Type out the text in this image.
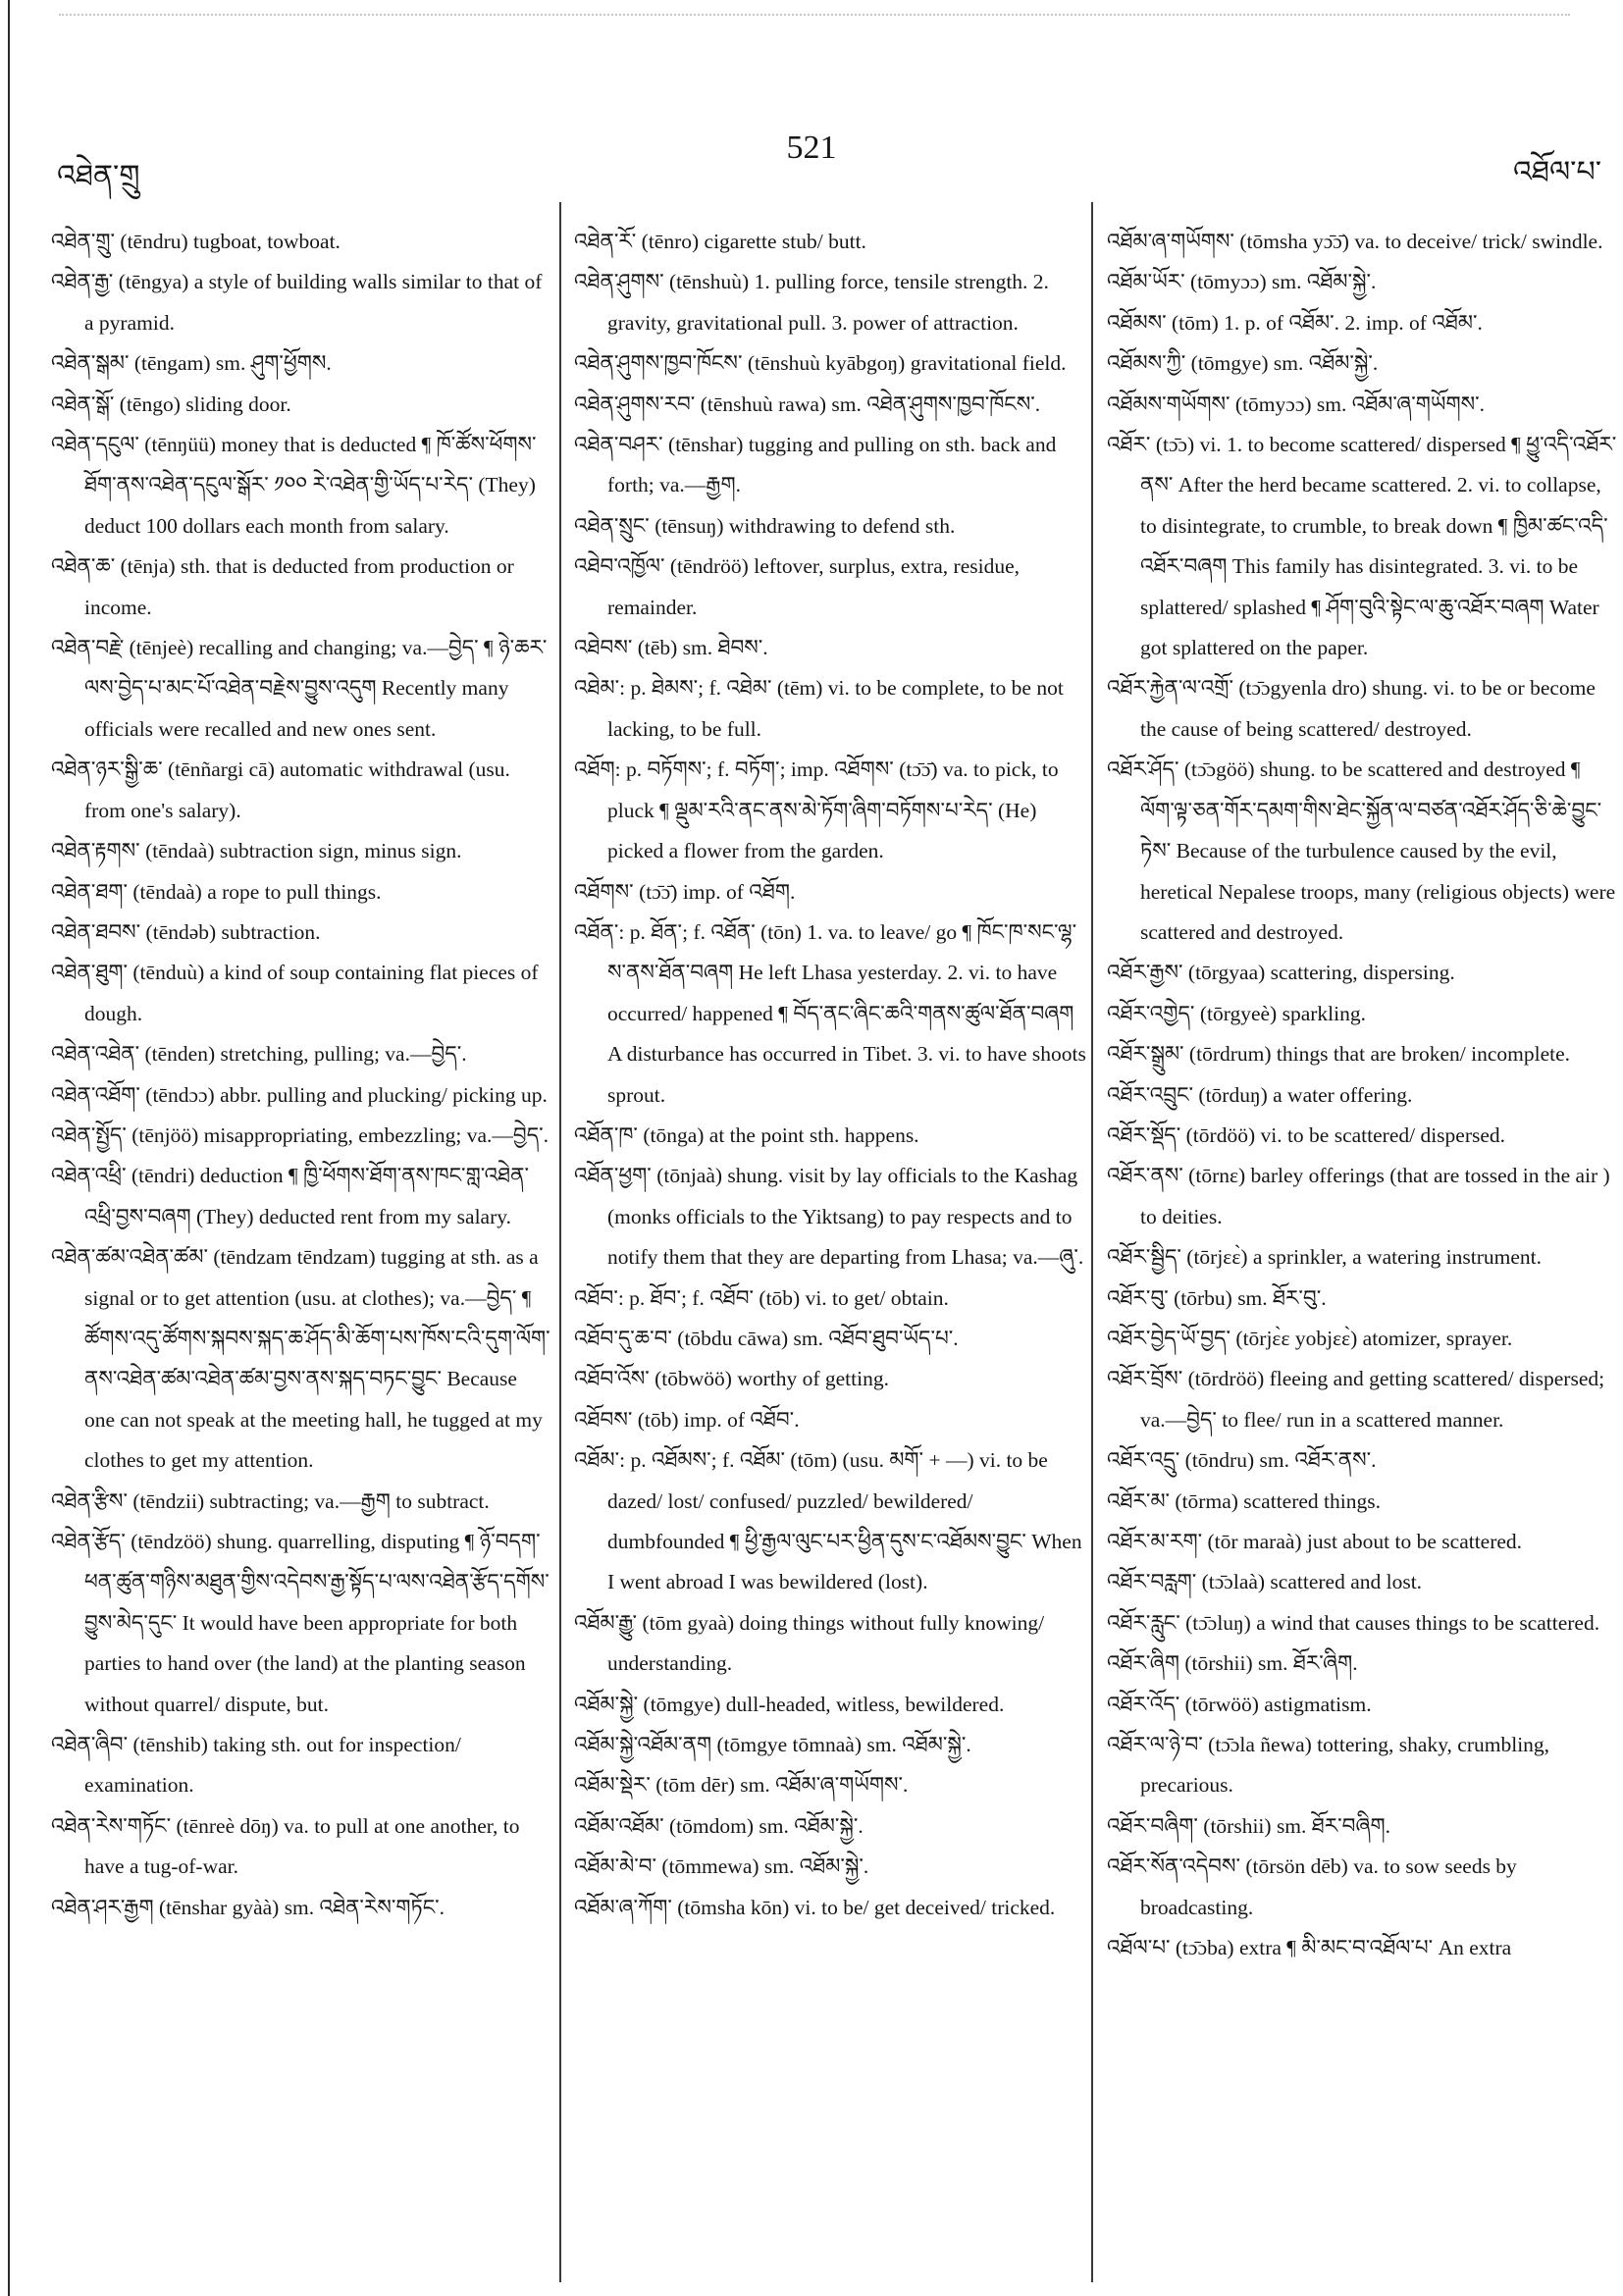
འཐེན་གྲུ
521
འཐོལ་པ་

འཐེན་གྲུ་ (tēndru) tugboat, towboat.

འཐེན་རྒྱ་ (tēngya) a style of building walls similar to that of a pyramid.

འཐེན་སྒམ་ (tēngam) sm. ཤུག་ཕྱོགས.

འཐེན་སྒོ་ (tēngo) sliding door.

འཐེན་དངུལ་ (tēnŋüü) money that is deducted ¶ ཁོ་ཚོས་ཕོགས་ཐོག་ནས་འཐེན་དངུལ་སྒོར་ ༡༠༠ རེ་འཐེན་གྱི་ཡོད་པ་རེད་ (They) deduct 100 dollars each month from salary.

འཐེན་ཆ་ (tēnja) sth. that is deducted from production or income.

འཐེན་བརྗེ་ (tēnjeè) recalling and changing; va.—བྱེད་ ¶ ཉེ་ཆར་ལས་བྱེད་པ་མང་པོ་འཐེན་བརྗེས་བྱུས་འདུག Recently many officials were recalled and new ones sent.

འཐེན་ཉར་སྒྱི་ཆ་ (tēnñargi cā) automatic withdrawal (usu. from one's salary).

འཐེན་རྟགས་ (tēndaà) subtraction sign, minus sign.

འཐེན་ཐག་ (tēndaà) a rope to pull things.

འཐེན་ཐབས་ (tēndəb) subtraction.

འཐེན་ཐུག་ (tēnduù) a kind of soup containing flat pieces of dough.

འཐེན་འཐེན་ (tēnden) stretching, pulling; va.—བྱེད་.

འཐེན་འཐོག་ (tēndɔɔ) abbr. pulling and plucking/ picking up.

འཐེན་སྤྱོད་ (tēnjöö) misappropriating, embezzling; va.—བྱེད་.

འཐེན་འཕྲི་ (tēndri) deduction ¶ ཁྱི་ཕོགས་ཐོག་ནས་ཁང་གླ་འཐེན་འཕྲི་བྱས་བཞག (They) deducted rent from my salary.

འཐེན་ཚམ་འཐེན་ཚམ་ (tēndzam tēndzam) tugging at sth. as a signal or to get attention (usu. at clothes); va.—བྱེད་ ¶ ཚོགས་འདུ་ཚོགས་སྐབས་སྐད་ཆ་ཤོད་མི་ཆོག་པས་ཁོས་ངའི་དུག་ལོག་ནས་འཐེན་ཚམ་འཐེན་ཚམ་བྱས་ནས་སྐད་བཏང་བྱུང་ Because one can not speak at the meeting hall, he tugged at my clothes to get my attention.

འཐེན་རྩིས་ (tēndzii) subtracting; va.—རྒྱག to subtract.

འཐེན་རྩོད་ (tēndzöö) shung. quarrelling, disputing ¶ ཉོ་བདག་ཕན་ཚུན་གཉིས་མཐུན་གྱིས་འདེབས་རྒྱ་སྟོད་པ་ལས་འཐེན་རྩོད་དགོས་བྱུས་མེད་དུང་ It would have been appropriate for both parties to hand over (the land) at the planting season without quarrel/ dispute, but.

འཐེན་ཞིབ་ (tēnshib) taking sth. out for inspection/ examination.

འཐེན་རེས་གཏོང་ (tēnreè dōŋ) va. to pull at one another, to have a tug-of-war.

འཐེན་ཤར་རྒྱག (tēnshar gyàà) sm. འཐེན་རེས་གཏོང་.

འཐེན་རོ་ (tēnro) cigarette stub/ butt.

འཐེན་ཤུགས་ (tēnshuù) 1. pulling force, tensile strength. 2. gravity, gravitational pull. 3. power of attraction.

འཐེན་ཤུགས་ཁྱབ་ཁོངས་ (tēnshuù kyābgoŋ) gravitational field.

འཐེན་ཤུགས་རབ་ (tēnshuù rawa) sm. འཐེན་ཤུགས་ཁྱབ་ཁོངས་.

འཐེན་བཤར་ (tēnshar) tugging and pulling on sth. back and forth; va.—རྒྱག.

འཐེན་སྲུང་ (tēnsuŋ) withdrawing to defend sth.

འཐེབ་འཁྱོལ་ (tēndröö) leftover, surplus, extra, residue, remainder.

འཐེབས་ (tēb) sm. ཐེབས་.

འཐེམ་: p. ཐེམས་; f. འཐེམ་ (tēm) vi. to be complete, to be not lacking, to be full.

འཐོག: p. བཏོགས་; f. བཏོག་; imp. འཐོགས་ (tɔ̄ɔ̄) va. to pick, to pluck ¶ ལྡུམ་རའི་ནང་ནས་མེ་ཏོག་ཞིག་བཏོགས་པ་རེད་ (He) picked a flower from the garden.

འཐོགས་ (tɔ̄ɔ̄) imp. of འཐོག.

འཐོན་: p. ཐོན་; f. འཐོན་ (tōn) 1. va. to leave/ go ¶ ཁོང་ཁ་སང་ལྷ་ས་ནས་ཐོན་བཞག He left Lhasa yesterday. 2. vi. to have occurred/ happened ¶ བོད་ནང་ཞིང་ཆའི་གནས་ཚུལ་ཐོན་བཞག A disturbance has occurred in Tibet. 3. vi. to have shoots sprout.

འཐོན་ཁ་ (tōnga) at the point sth. happens.

འཐོན་ཕྱག་ (tōnjaà) shung. visit by lay officials to the Kashag (monks officials to the Yiktsang) to pay respects and to notify them that they are departing from Lhasa; va.—ཞུ་.

འཐོབ་: p. ཐོབ་; f. འཐོབ་ (tōb) vi. to get/ obtain.

འཐོབ་དུ་ཆ་བ་ (tōbdu cāwa) sm. འཐོབ་ཐུབ་ཡོད་པ་.

འཐོབ་འོས་ (tōbwöö) worthy of getting.

འཐོབས་ (tōb) imp. of འཐོབ་.

འཐོམ་: p. འཐོམས་; f. འཐོམ་ (tōm) (usu. མགོ་ + —) vi. to be dazed/ lost/ confused/ puzzled/ bewildered/ dumbfounded ¶ ཕྱི་རྒྱལ་ལུང་པར་ཕྱིན་དུས་ང་འཐོམས་བྱུང་ When I went abroad I was bewildered (lost).

འཐོམ་རྒྱུ་ (tōm gyaà) doing things without fully knowing/ understanding.

འཐོམ་སྐྱེ་ (tōmgye) dull-headed, witless, bewildered.

འཐོམ་སྐྱེ་འཐོམ་ནག (tōmgye tōmnaà) sm. འཐོམ་སྐྱེ་.

འཐོམ་སྡེར་ (tōm dēr) sm. འཐོམ་ཞ་གཡོགས་.

འཐོམ་འཐོམ་ (tōmdom) sm. འཐོམ་སྐྱེ་.

འཐོམ་མེ་བ་ (tōmmewa) sm. འཐོམ་སྐྱེ་.

འཐོམ་ཞ་ཀོག་ (tōmsha kōn) vi. to be/ get deceived/ tricked.

འཐོམ་ཞ་གཡོགས་ (tōmsha yɔ̄ɔ̄) va. to deceive/ trick/ swindle.

འཐོམ་ཡོར་ (tōmyɔɔ) sm. འཐོམ་སྐྱེ་.

འཐོམས་ (tōm) 1. p. of འཐོམ་. 2. imp. of འཐོམ་.

འཐོམས་ཀྱི་ (tōmgye) sm. འཐོམ་སྐྱེ་.

འཐོམས་གཡོགས་ (tōmyɔɔ) sm. འཐོམ་ཞ་གཡོགས་.

འཐོར་ (tɔ̄ɔ) vi. 1. to become scattered/ dispersed ¶ ཕྱུ་འདི་འཐོར་ནས་ After the herd became scattered. 2. vi. to collapse, to disintegrate, to crumble, to break down ¶ ཁྱིམ་ཚང་འདི་འཐོར་བཞག This family has disintegrated. 3. vi. to be splattered/ splashed ¶ ཤོག་བུའི་སྟེང་ལ་ཆུ་འཐོར་བཞག Water got splattered on the paper.

འཐོར་རྐྱེན་ལ་འགྲོ་ (tɔ̄ɔgyenla dro) shung. vi. to be or become the cause of being scattered/ destroyed.

འཐོར་ཤོད་ (tɔ̄ɔgöö) shung. to be scattered and destroyed ¶ ལོག་ལྟ་ཅན་གོར་དམག་གིས་ཐེང་སྐྱོན་ལ་བཙན་འཐོར་ཤོད་ཅི་ཆེ་བྱུང་ཏེས་ Because of the turbulence caused by the evil, heretical Nepalese troops, many (religious objects) were scattered and destroyed.

འཐོར་རྒྱས་ (tōrgyaa) scattering, dispersing.

འཐོར་འགྱེད་ (tōrgyeè) sparkling.

འཐོར་སྒྲུམ་ (tōrdrum) things that are broken/ incomplete.

འཐོར་འབྲུང་ (tōrduŋ) a water offering.

འཐོར་སྡོད་ (tōrdöö) vi. to be scattered/ dispersed.

འཐོར་ནས་ (tōrnɛ) barley offerings (that are tossed in the air ) to deities.

འཐོར་སྦྱིད་ (tōrjɛɛ̀) a sprinkler, a watering instrument.

འཐོར་བུ་ (tōrbu) sm. ཐོར་བུ་.

འཐོར་བྱེད་ཡོ་བྱད་ (tōrjɛ̀ɛ yobjɛɛ̀) atomizer, sprayer.

འཐོར་བྲོས་ (tōrdröö) fleeing and getting scattered/ dispersed; va.—བྱེད་ to flee/ run in a scattered manner.

འཐོར་འདྲུ་ (tōndru) sm. འཐོར་ནས་.

འཐོར་མ་ (tōrma) scattered things.

འཐོར་མ་རག་ (tōr maraà) just about to be scattered.

འཐོར་བརླག་ (tɔ̄ɔlaà) scattered and lost.

འཐོར་རླུང་ (tɔ̄ɔluŋ) a wind that causes things to be scattered.

འཐོར་ཞིག (tōrshii) sm. ཐོར་ཞིག.

འཐོར་འོད་ (tōrwöö) astigmatism.

འཐོར་ལ་ཉེ་བ་ (tɔ̄ɔla ñewa) tottering, shaky, crumbling, precarious.

འཐོར་བཞིག་ (tōrshii) sm. ཐོར་བཞིག.

འཐོར་སོན་འདེབས་ (tōrsön dēb) va. to sow seeds by broadcasting.

འཐོལ་པ་ (tɔ̄ɔba) extra ¶ མི་མང་བ་འཐོལ་པ་ An extra
